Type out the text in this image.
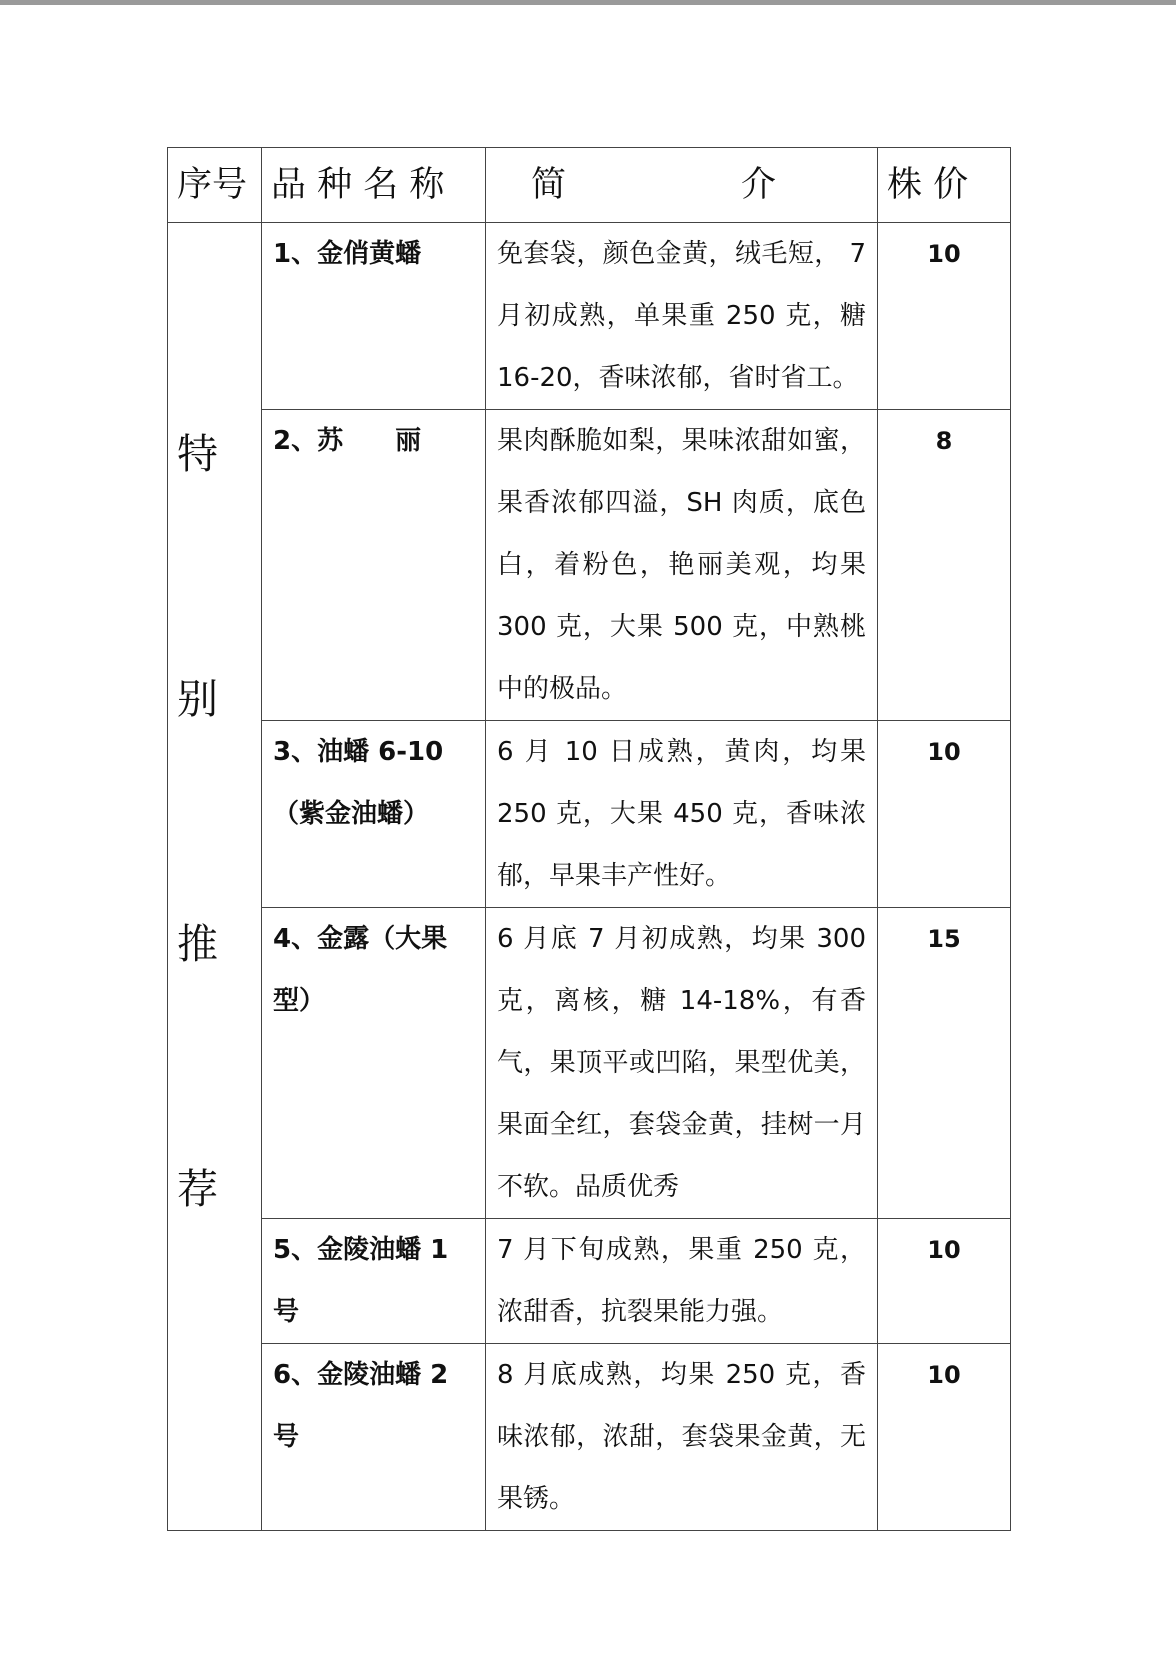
序号	品 种 名 称	简　　　　　介	株 价

特
别
推
荐	1、金俏黄蟠	免套袋，颜色金黄，绒毛短， 7 月初成熟，单果重 250 克，糖 16-20，香味浓郁，省时省工。	10
	2、苏　　丽	果肉酥脆如梨，果味浓甜如蜜，果香浓郁四溢，SH 肉质，底色白，着粉色，艳丽美观，均果 300 克，大果 500 克，中熟桃中的极品。	8
	3、油蟠 6-10（紫金油蟠）	6 月 10 日成熟，黄肉，均果 250 克，大果 450 克，香味浓郁，早果丰产性好。	10
	4、金露（大果型）	6 月底 7 月初成熟，均果 300 克，离核，糖 14-18%，有香气，果顶平或凹陷，果型优美，果面全红，套袋金黄，挂树一月不软。品质优秀	15
	5、金陵油蟠 1 号	7 月下旬成熟，果重 250 克，浓甜香，抗裂果能力强。	10
	6、金陵油蟠 2 号	8 月底成熟，均果 250 克，香味浓郁，浓甜，套袋果金黄，无果锈。	10
